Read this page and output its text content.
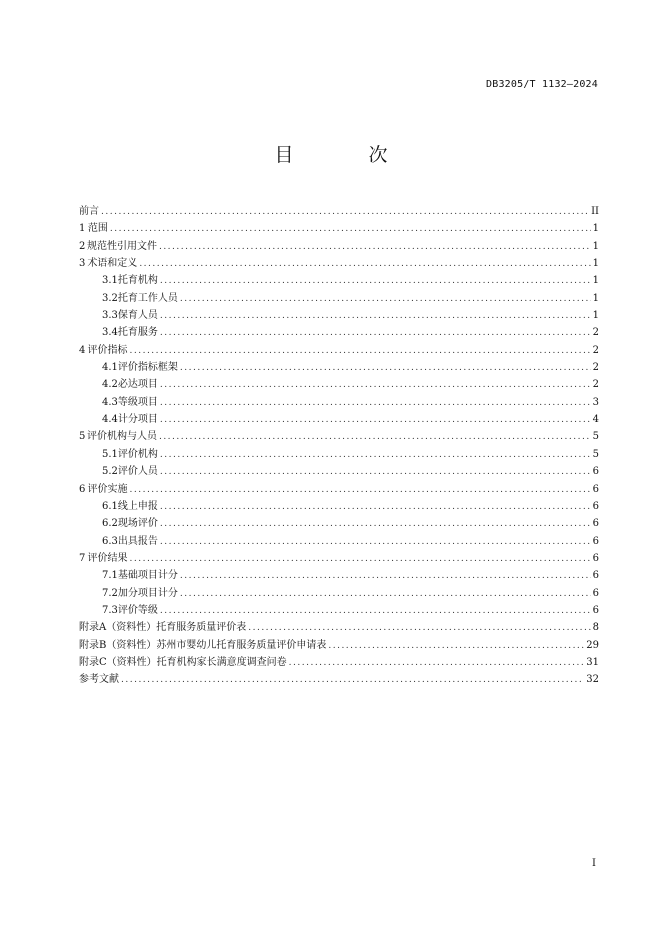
DB3205/T 1132—2024
目　次
前言 .....	II
1 范围 .....	1
2 规范性引用文件 .....	1
3 术语和定义 .....	1
3.1 托育机构 .....	1
3.2 托育工作人员 .....	1
3.3 保育人员 .....	1
3.4 托育服务 .....	2
4 评价指标 .....	2
4.1 评价指标框架 .....	2
4.2 必达项目 .....	2
4.3 等级项目 .....	3
4.4 计分项目 .....	4
5 评价机构与人员 .....	5
5.1 评价机构 .....	5
5.2 评价人员 .....	6
6 评价实施 .....	6
6.1 线上申报 .....	6
6.2 现场评价 .....	6
6.3 出具报告 .....	6
7 评价结果 .....	6
7.1 基础项目计分 .....	6
7.2 加分项目计分 .....	6
7.3 评价等级 .....	6
附录A（资料性） 托育服务质量评价表 .....	8
附录B（资料性） 苏州市婴幼儿托育服务质量评价申请表 .....	29
附录C（资料性） 托育机构家长满意度调查问卷 .....	31
参考文献 .....	32
I
